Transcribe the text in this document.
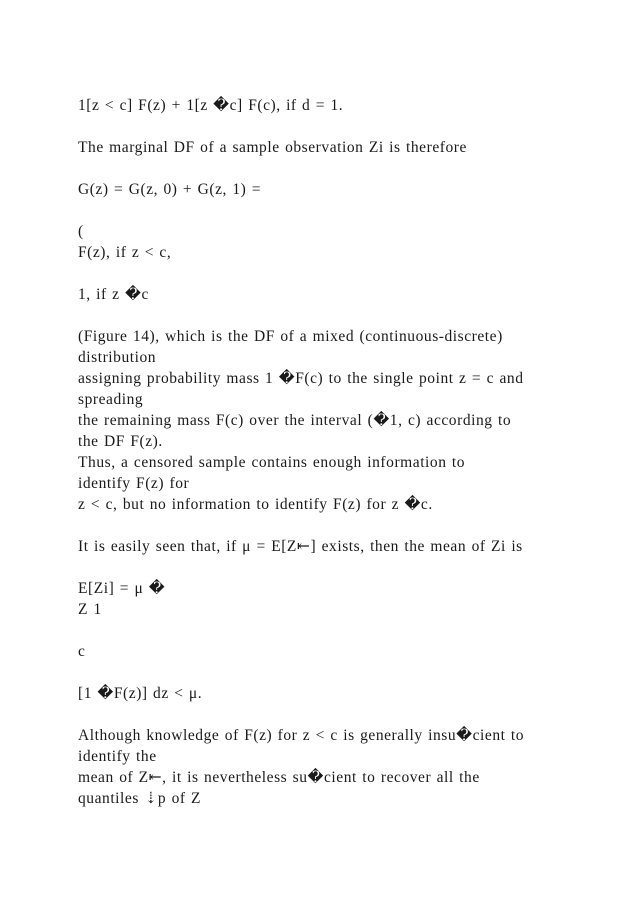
1[z < c] F(z) + 1[z �c] F(c), if d = 1.
The marginal DF of a sample observation Zi is therefore
G(z) = G(z, 0) + G(z, 1) =
(
F(z), if z < c,
1, if z �c
(Figure 14), which is the DF of a mixed (continuous-discrete)
distribution
assigning probability mass 1 �F(c) to the single point z = c and
spreading
the remaining mass F(c) over the interval (�1, c) according to
the DF F(z).
Thus, a censored sample contains enough information to
identify F(z) for
z < c, but no information to identify F(z) for z �c.
It is easily seen that, if μ = E[Z⇤] exists, then the mean of Zi is
E[Zi] = μ �
Z 1
c
[1 �F(z)] dz < μ.
Although knowledge of F(z) for z < c is generally insu�cient to
identify the
mean of Z⇤, it is nevertheless su�cient to recover all the
quantiles ⇣p of Z
